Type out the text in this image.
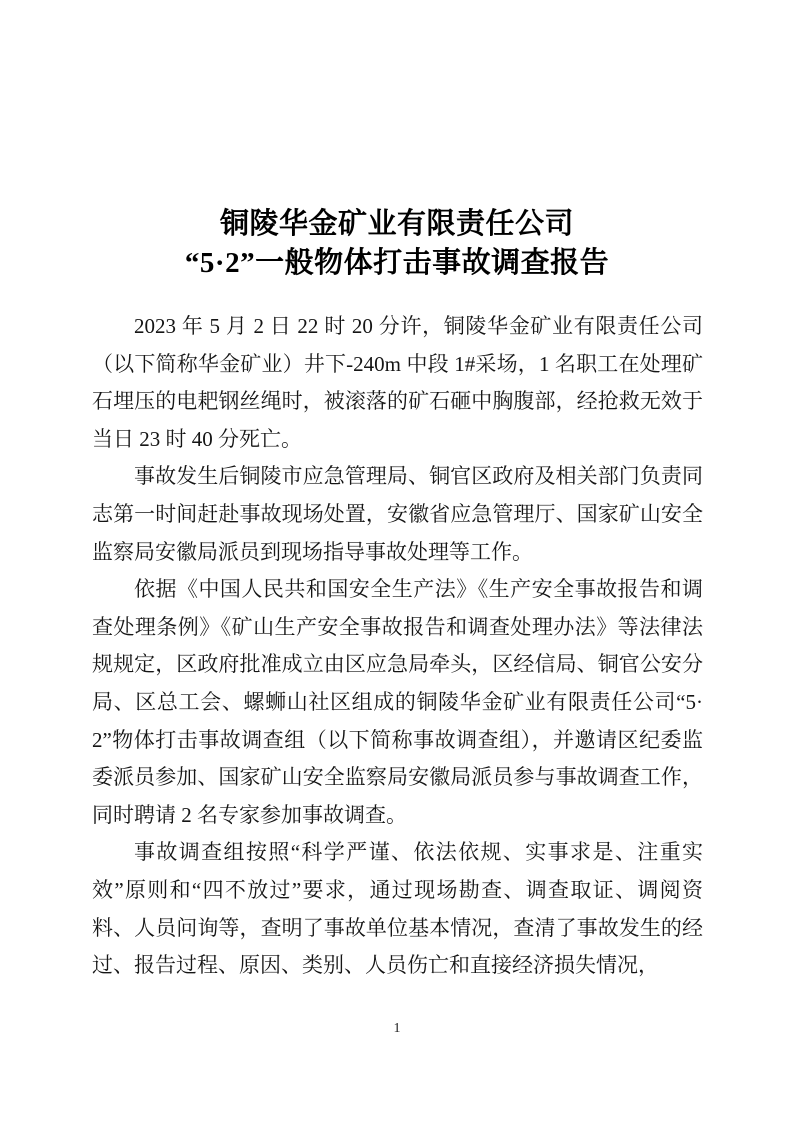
铜陵华金矿业有限责任公司
“5·2”一般物体打击事故调查报告

2023 年 5 月 2 日 22 时 20 分许，铜陵华金矿业有限责任公司（以下简称华金矿业）井下-240m 中段 1#采场，1 名职工在处理矿石埋压的电耙钢丝绳时，被滚落的矿石砸中胸腹部，经抢救无效于当日 23 时 40 分死亡。

事故发生后铜陵市应急管理局、铜官区政府及相关部门负责同志第一时间赶赴事故现场处置，安徽省应急管理厅、国家矿山安全监察局安徽局派员到现场指导事故处理等工作。

依据《中国人民共和国安全生产法》《生产安全事故报告和调查处理条例》《矿山生产安全事故报告和调查处理办法》等法律法规规定，区政府批准成立由区应急局牵头，区经信局、铜官公安分局、区总工会、螺蛳山社区组成的铜陵华金矿业有限责任公司“5·2”物体打击事故调查组（以下简称事故调查组），并邀请区纪委监委派员参加、国家矿山安全监察局安徽局派员参与事故调查工作，同时聘请 2 名专家参加事故调查。

事故调查组按照“科学严谨、依法依规、实事求是、注重实效”原则和“四不放过”要求，通过现场勘查、调查取证、调阅资料、人员问询等，查明了事故单位基本情况，查清了事故发生的经过、报告过程、原因、类别、人员伤亡和直接经济损失情况，

1
